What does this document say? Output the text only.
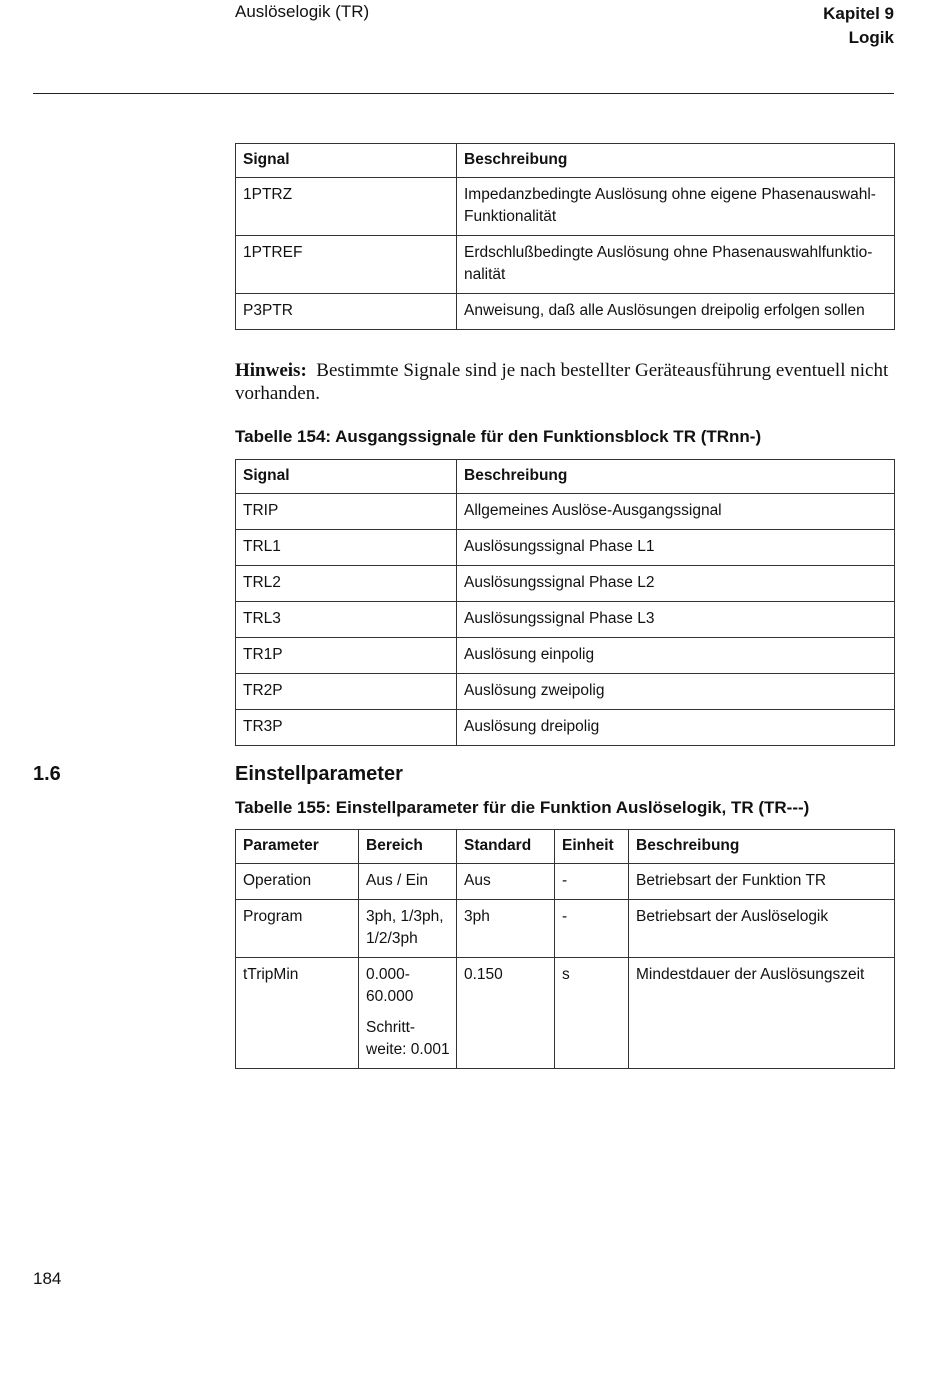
Auslöselogik (TR)	Kapitel 9
Logik
Signal	Beschreibung
1PTRZ	Impedanzbedingte Auslösung ohne eigene Phasenauswahl-
Funktionalität

1PTREF	Erdschlußbedingte Auslösung ohne Phasenauswahlfunktio-
nalität

P3PTR	Anweisung, daß alle Auslösungen dreipolig erfolgen sollen
Hinweis: Bestimmte Signale sind je nach bestellter Geräteausführung eventuell nicht vorhanden.
Tabelle 154: Ausgangssignale für den Funktionsblock TR (TRnn-)
Signal	Beschreibung
TRIP	Allgemeines Auslöse-Ausgangssignal
TRL1	Auslösungssignal Phase L1
TRL2	Auslösungssignal Phase L2
TRL3	Auslösungssignal Phase L3
TR1P	Auslösung einpolig
TR2P	Auslösung zweipolig
TR3P	Auslösung dreipolig
1.6	Einstellparameter
Tabelle 155: Einstellparameter für die Funktion Auslöselogik, TR (TR---)
Parameter	Bereich	Standard	Einheit	Beschreibung
Operation	Aus / Ein	Aus	-	Betriebsart der Funktion TR
Program	3ph, 1/3ph,
1/2/3ph	3ph	-	Betriebsart der Auslöselogik
tTripMin	0.000-
60.000
Schritt-
weite: 0.001	0.150	s	Mindestdauer der Auslösungszeit
184
